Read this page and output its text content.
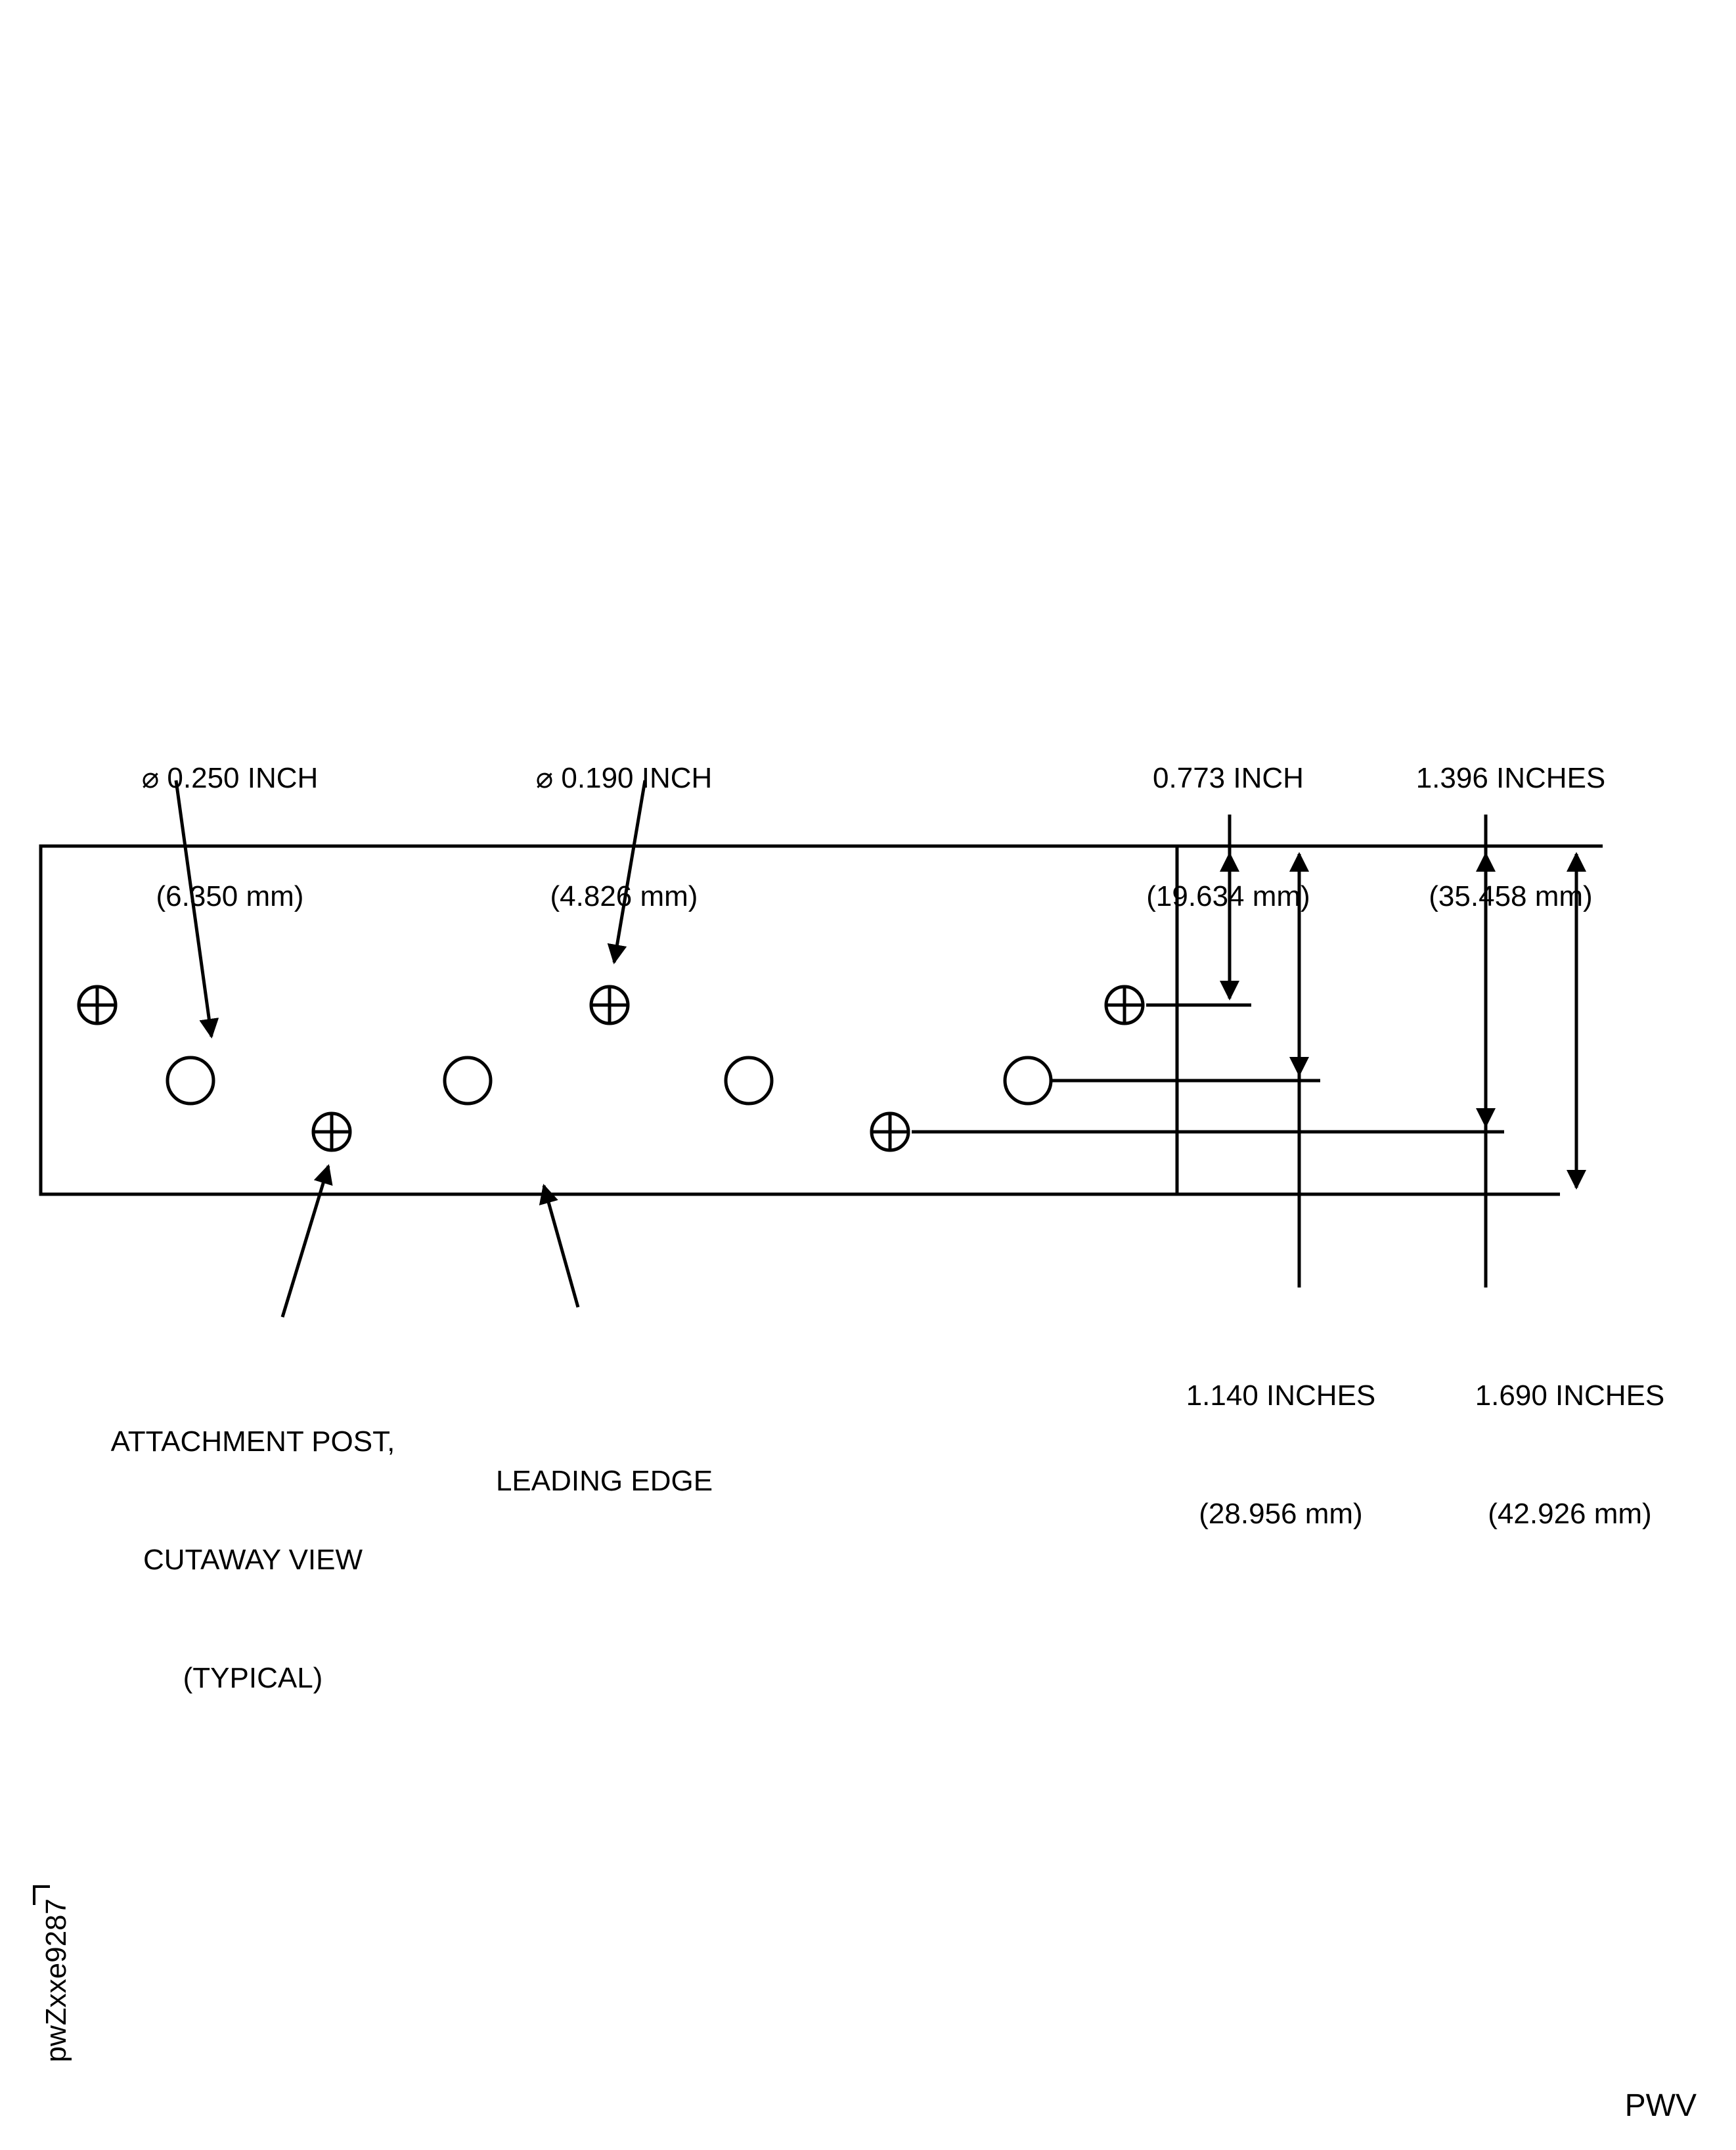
⌀ 0.250 INCH

(6.350 mm)

⌀ 0.190 INCH

(4.826 mm)

0.773 INCH

(19.634 mm)

1.396 INCHES

(35.458 mm)

1.140 INCHES

(28.956 mm)

1.690 INCHES

(42.926 mm)

ATTACHMENT POST,

CUTAWAY VIEW

(TYPICAL)

LEADING EDGE

pwZxxe9287
PWV
